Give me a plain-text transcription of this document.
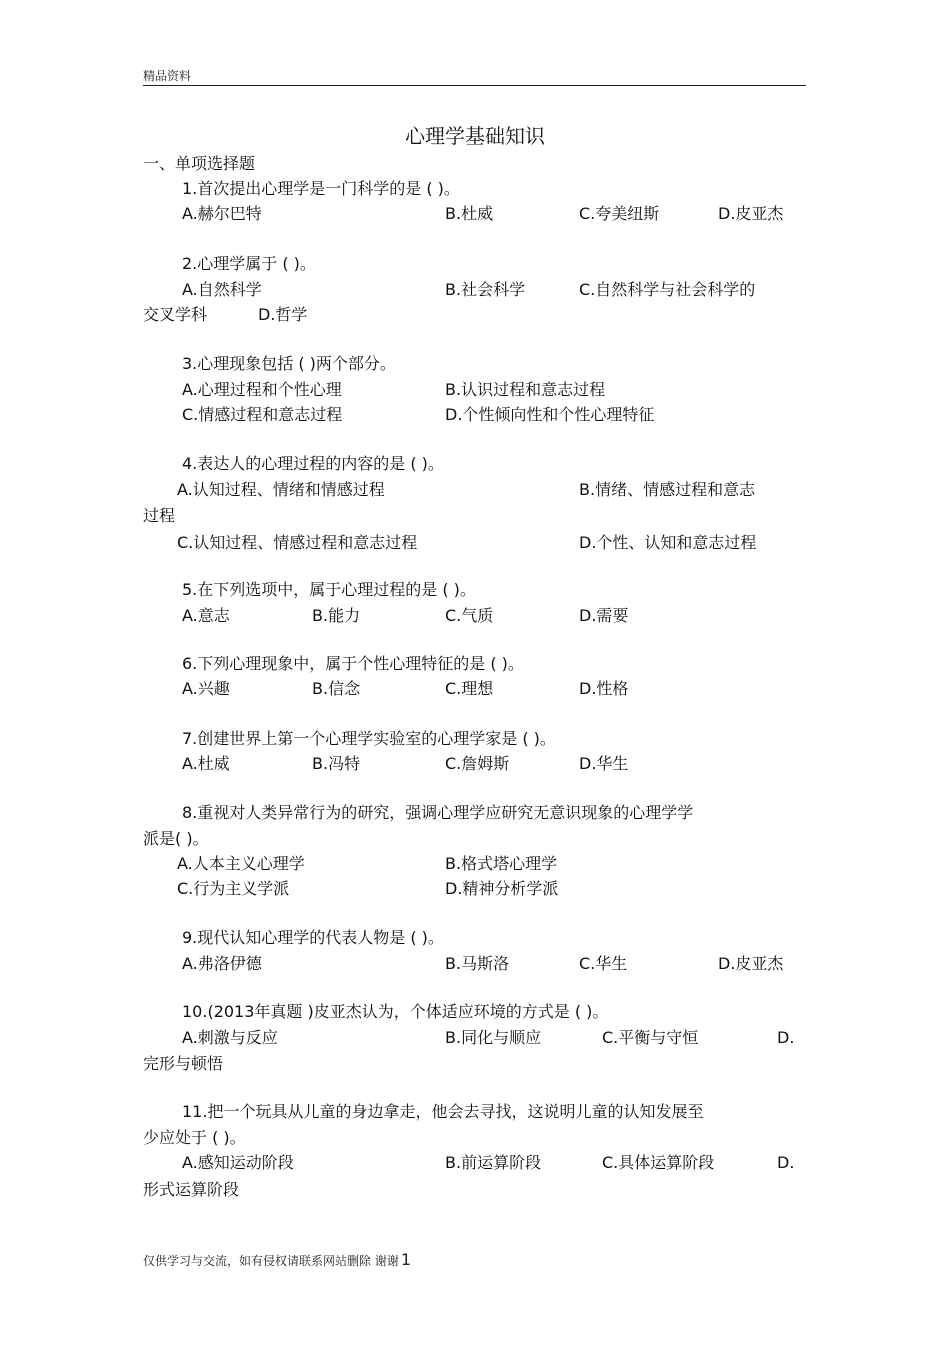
精品资料
心理学基础知识
一、单项选择题
1.首次提出心理学是一门科学的是 ( )。
A.赫尔巴特	B.杜威	C.夸美纽斯	D.皮亚杰
2.心理学属于 ( )。
A.自然科学	B.社会科学	C.自然科学与社会科学的
交叉学科	D.哲学
3.心理现象包括 ( )两个部分。
A.心理过程和个性心理	B.认识过程和意志过程
C.情感过程和意志过程	D.个性倾向性和个性心理特征
4.表达人的心理过程的内容的是 ( )。
A.认知过程、情绪和情感过程	B.情绪、情感过程和意志
过程
C.认知过程、情感过程和意志过程	D.个性、认知和意志过程
5.在下列选项中，属于心理过程的是 ( )。
A.意志	B.能力	C.气质	D.需要
6.下列心理现象中，属于个性心理特征的是 ( )。
A.兴趣	B.信念	C.理想	D.性格
7.创建世界上第一个心理学实验室的心理学家是 ( )。
A.杜威	B.冯特	C.詹姆斯	D.华生
8.重视对人类异常行为的研究，强调心理学应研究无意识现象的心理学学
派是( )。
A.人本主义心理学	B.格式塔心理学
C.行为主义学派	D.精神分析学派
9.现代认知心理学的代表人物是 ( )。
A.弗洛伊德	B.马斯洛	C.华生	D.皮亚杰
10.(2013年真题 )皮亚杰认为，个体适应环境的方式是 ( )。
A.刺激与反应	B.同化与顺应	C.平衡与守恒	D.
完形与顿悟
11.把一个玩具从儿童的身边拿走，他会去寻找，这说明儿童的认知发展至
少应处于 ( )。
A.感知运动阶段	B.前运算阶段	C.具体运算阶段	D.
形式运算阶段
仅供学习与交流，如有侵权请联系网站删除 谢谢 1
